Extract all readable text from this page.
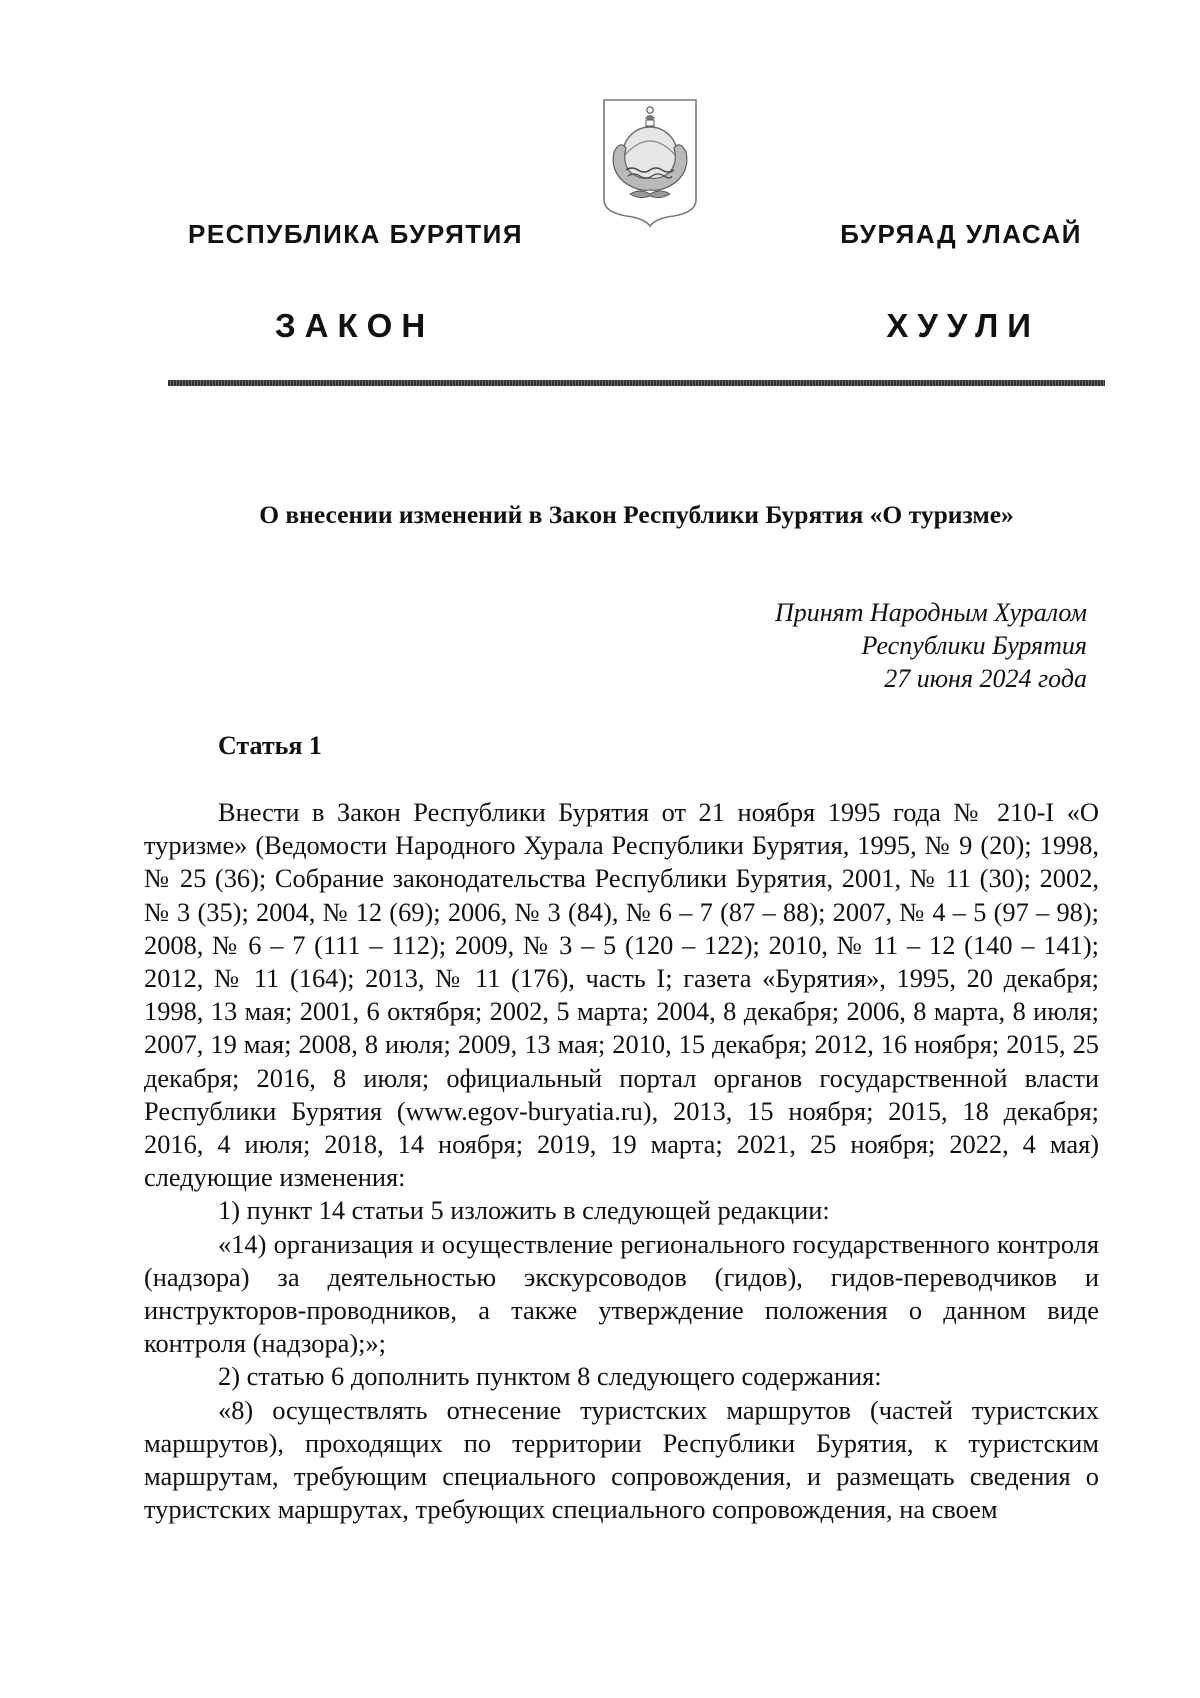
РЕСПУБЛИКА БУРЯТИЯ	БУРЯАД УЛАСАЙ
ЗАКОН	ХУУЛИ
О внесении изменений в Закон Республики Бурятия «О туризме»
Принят Народным Хуралом
Республики Бурятия
27 июня 2024 года
Статья 1

Внести в Закон Республики Бурятия от 21 ноября 1995 года № 210-I «О туризме» (Ведомости Народного Хурала Республики Бурятия, 1995, № 9 (20); 1998, № 25 (36); Собрание законодательства Республики Бурятия, 2001, № 11 (30); 2002, № 3 (35); 2004, № 12 (69); 2006, № 3 (84), № 6 – 7 (87 – 88); 2007, № 4 – 5 (97 – 98); 2008, № 6 – 7 (111 – 112); 2009, № 3 – 5 (120 – 122); 2010, № 11 – 12 (140 – 141); 2012, № 11 (164); 2013, № 11 (176), часть I; газета «Бурятия», 1995, 20 декабря; 1998, 13 мая; 2001, 6 октября; 2002, 5 марта; 2004, 8 декабря; 2006, 8 марта, 8 июля; 2007, 19 мая; 2008, 8 июля; 2009, 13 мая; 2010, 15 декабря; 2012, 16 ноября; 2015, 25 декабря; 2016, 8 июля; официальный портал органов государственной власти Республики Бурятия (www.egov-buryatia.ru), 2013, 15 ноября; 2015, 18 декабря; 2016, 4 июля; 2018, 14 ноября; 2019, 19 марта; 2021, 25 ноября; 2022, 4 мая) следующие изменения:

1) пункт 14 статьи 5 изложить в следующей редакции:

«14) организация и осуществление регионального государственного контроля (надзора) за деятельностью экскурсоводов (гидов), гидов-переводчиков и инструкторов-проводников, а также утверждение положения о данном виде контроля (надзора);»;

2) статью 6 дополнить пунктом 8 следующего содержания:

«8) осуществлять отнесение туристских маршрутов (частей туристских маршрутов), проходящих по территории Республики Бурятия, к туристским маршрутам, требующим специального сопровождения, и размещать сведения о туристских маршрутах, требующих специального сопровождения, на своем
